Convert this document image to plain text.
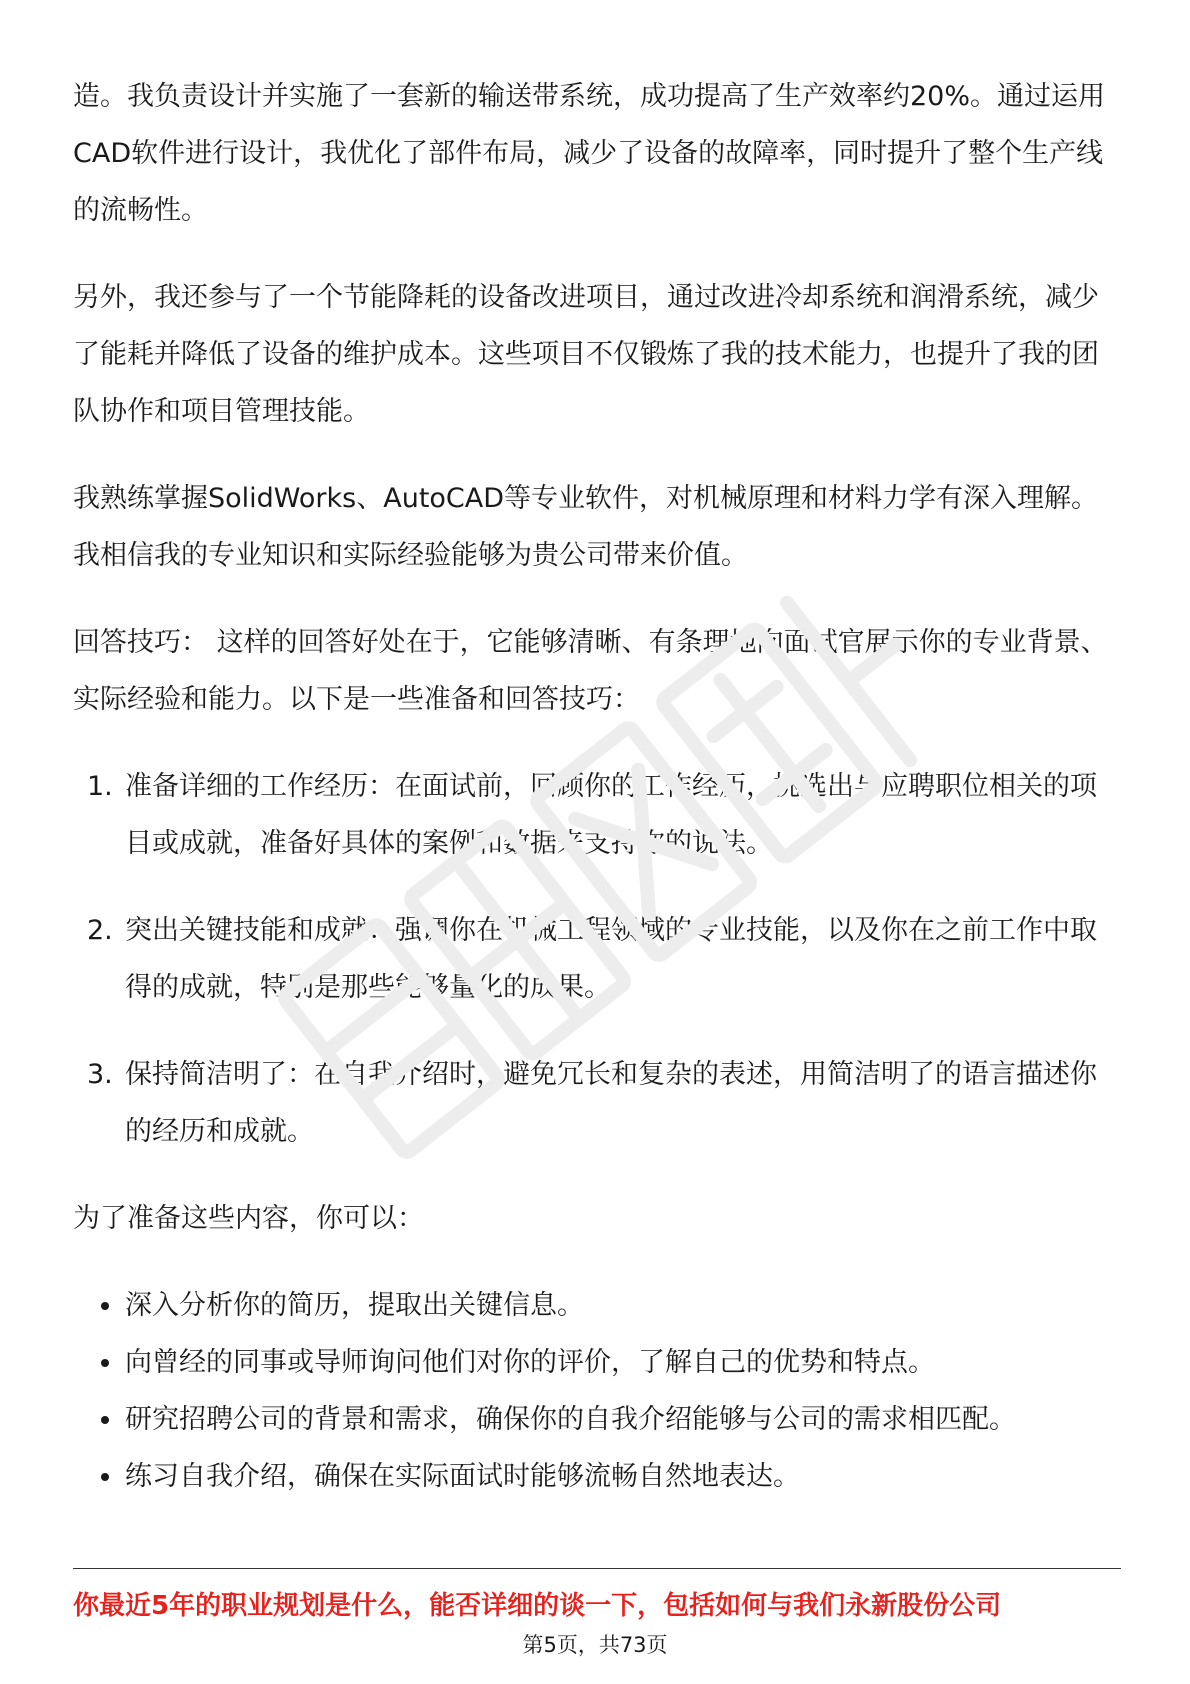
造。我负责设计并实施了一套新的输送带系统，成功提高了生产效率约20%。通过运用CAD软件进行设计，我优化了部件布局，减少了设备的故障率，同时提升了整个生产线的流畅性。

另外，我还参与了一个节能降耗的设备改进项目，通过改进冷却系统和润滑系统，减少了能耗并降低了设备的维护成本。这些项目不仅锻炼了我的技术能力，也提升了我的团队协作和项目管理技能。

我熟练掌握SolidWorks、AutoCAD等专业软件，对机械原理和材料力学有深入理解。我相信我的专业知识和实际经验能够为贵公司带来价值。

回答技巧： 这样的回答好处在于，它能够清晰、有条理地向面试官展示你的专业背景、实际经验和能力。以下是一些准备和回答技巧：

1. 准备详细的工作经历：在面试前，回顾你的工作经历，挑选出与应聘职位相关的项目或成就，准备好具体的案例和数据来支持你的说法。
2. 突出关键技能和成就：强调你在机械工程领域的专业技能，以及你在之前工作中取得的成就，特别是那些能够量化的成果。
3. 保持简洁明了：在自我介绍时，避免冗长和复杂的表述，用简洁明了的语言描述你的经历和成就。

为了准备这些内容，你可以：

深入分析你的简历，提取出关键信息。
向曾经的同事或导师询问他们对你的评价，了解自己的优势和特点。
研究招聘公司的背景和需求，确保你的自我介绍能够与公司的需求相匹配。
练习自我介绍，确保在实际面试时能够流畅自然地表达。
你最近5年的职业规划是什么，能否详细的谈一下，包括如何与我们永新股份公司
第5页，共73页
